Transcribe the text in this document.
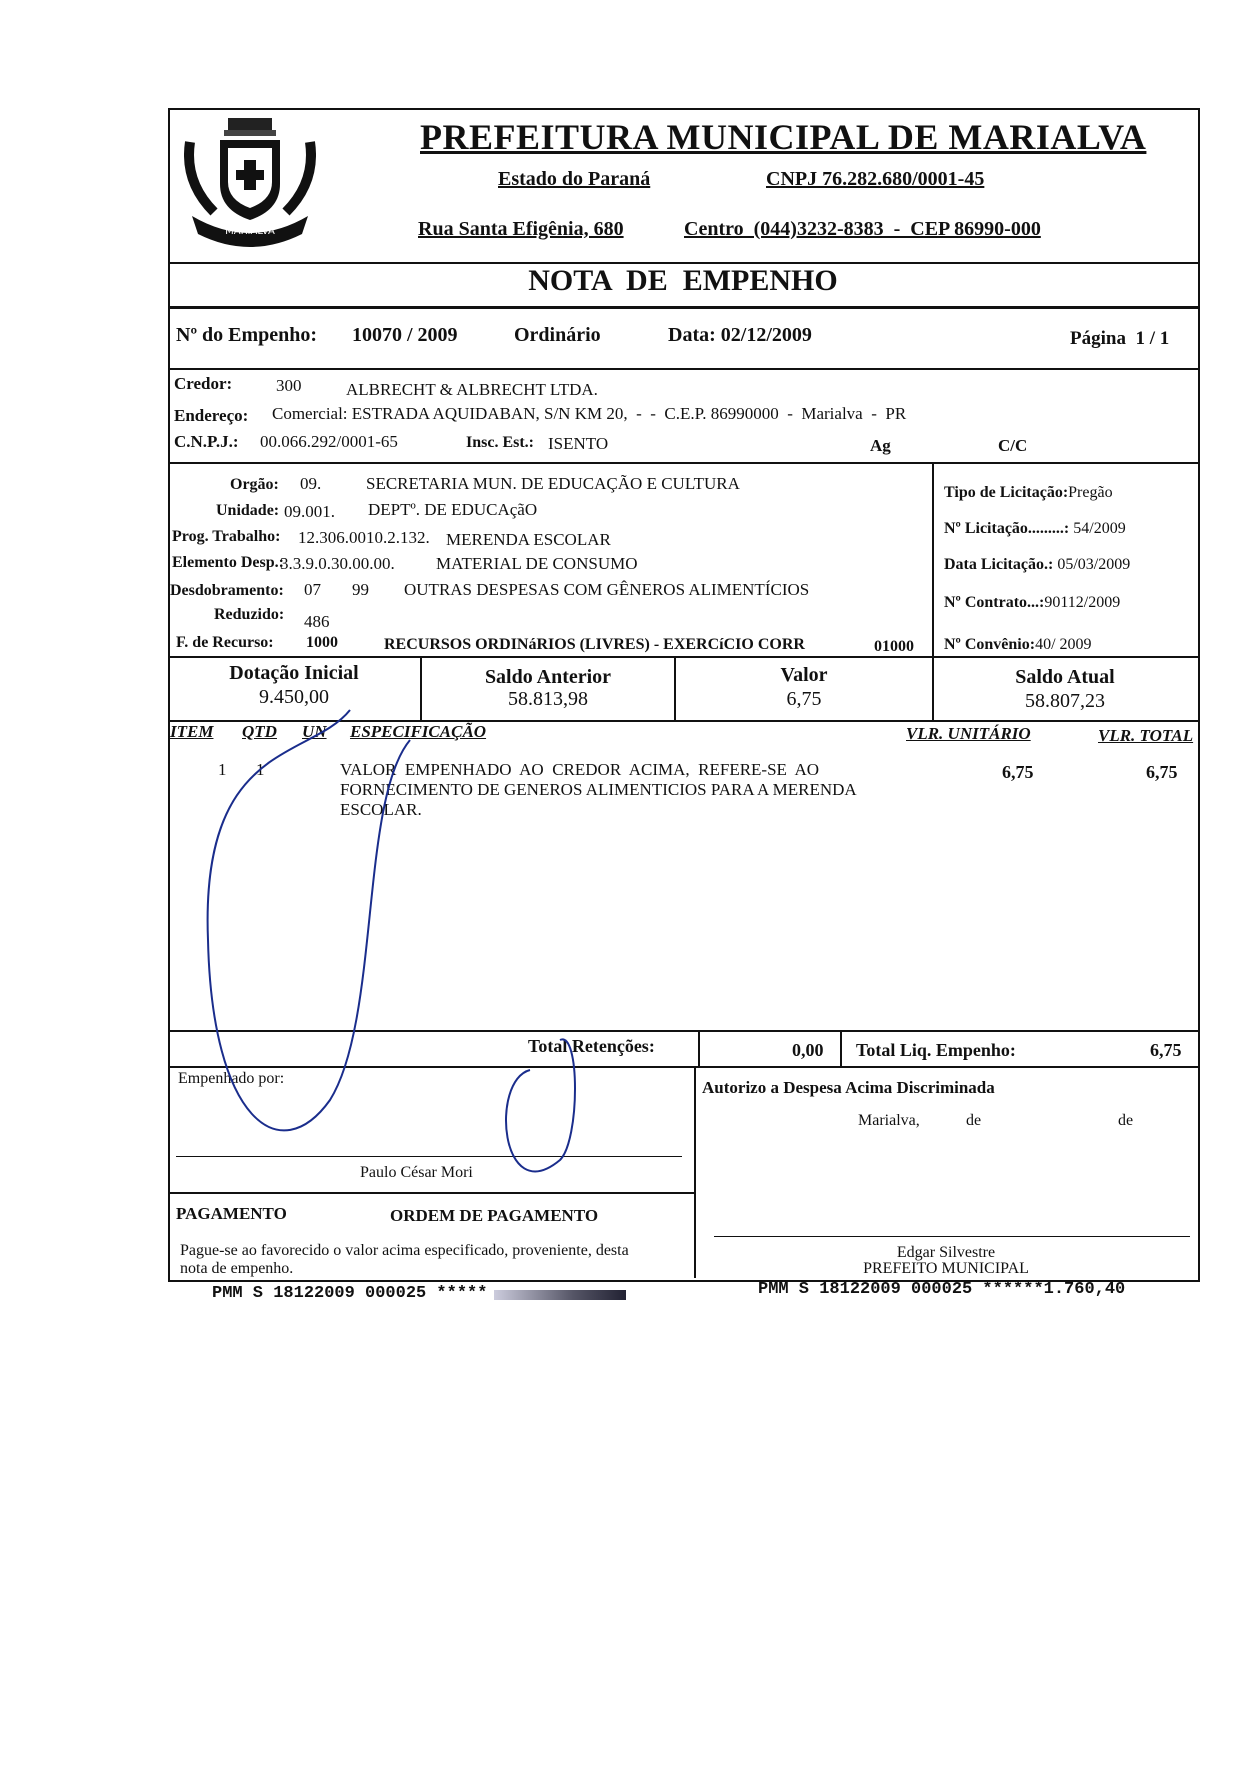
MARIALVA
PREFEITURA MUNICIPAL DE MARIALVA
Estado do Paraná	CNPJ 76.282.680/0001-45
Rua Santa Efigênia, 680	Centro  (044)3232-8383  -  CEP 86990-000
NOTA  DE  EMPENHO
Nº do Empenho: 10070 / 2009	Ordinário	Data: 02/12/2009	Página  1 / 1
Credor:	300	ALBRECHT & ALBRECHT LTDA.
Endereço: Comercial: ESTRADA AQUIDABAN, S/N KM 20,  -  -  C.E.P. 86990000  -  Marialva  -  PR
C.N.P.J.: 00.066.292/0001-65	Insc. Est.: ISENTO	Ag	C/C
Orgão: 09.	SECRETARIA MUN. DE EDUCAÇÃO E CULTURA
Unidade: 09.001. DEPTº. DE EDUCAçãO
Prog. Trabalho: 12.306.0010.2.132. MERENDA ESCOLAR
Elemento Desp.:
3.3.9.0.30.00.00. MATERIAL DE CONSUMO
Desdobramento: 07 99 OUTRAS DESPESAS COM GÊNEROS ALIMENTÍCIOS
Reduzido: 486
F. de Recurso: 1000	RECURSOS ORDINáRIOS (LIVRES) - EXERCíCIO CORR	01000
Tipo de Licitação:Pregão
Nº Licitação.........: 54/2009
Data Licitação.: 05/03/2009
Nº Contrato...:90112/2009
Nº Convênio:40/ 2009
Dotação Inicial
9.450,00
Saldo Anterior
58.813,98
Valor
6,75
Saldo Atual
58.807,23
ITEM QTD UN ESPECIFICAÇÃO	VLR. UNITÁRIO	VLR. TOTAL
1 1	VALOR  EMPENHADO  AO  CREDOR  ACIMA,  REFERE-SE  AO
FORNECIMENTO DE GENEROS ALIMENTICIOS PARA A MERENDA
ESCOLAR.
6,75	6,75
Total Retenções:	0,00 Total Liq. Empenho:	6,75
Empenhado por:
Paulo César Mori
PAGAMENTO	ORDEM DE PAGAMENTO
Pague-se ao favorecido o valor acima especificado, proveniente, desta
nota de empenho.
Autorizo a Despesa Acima Discriminada
Marialva,	de	de
Edgar Silvestre
PREFEITO MUNICIPAL
PMM S 18122009 000025 *****	PMM S 18122009 000025 ******1.760,40
